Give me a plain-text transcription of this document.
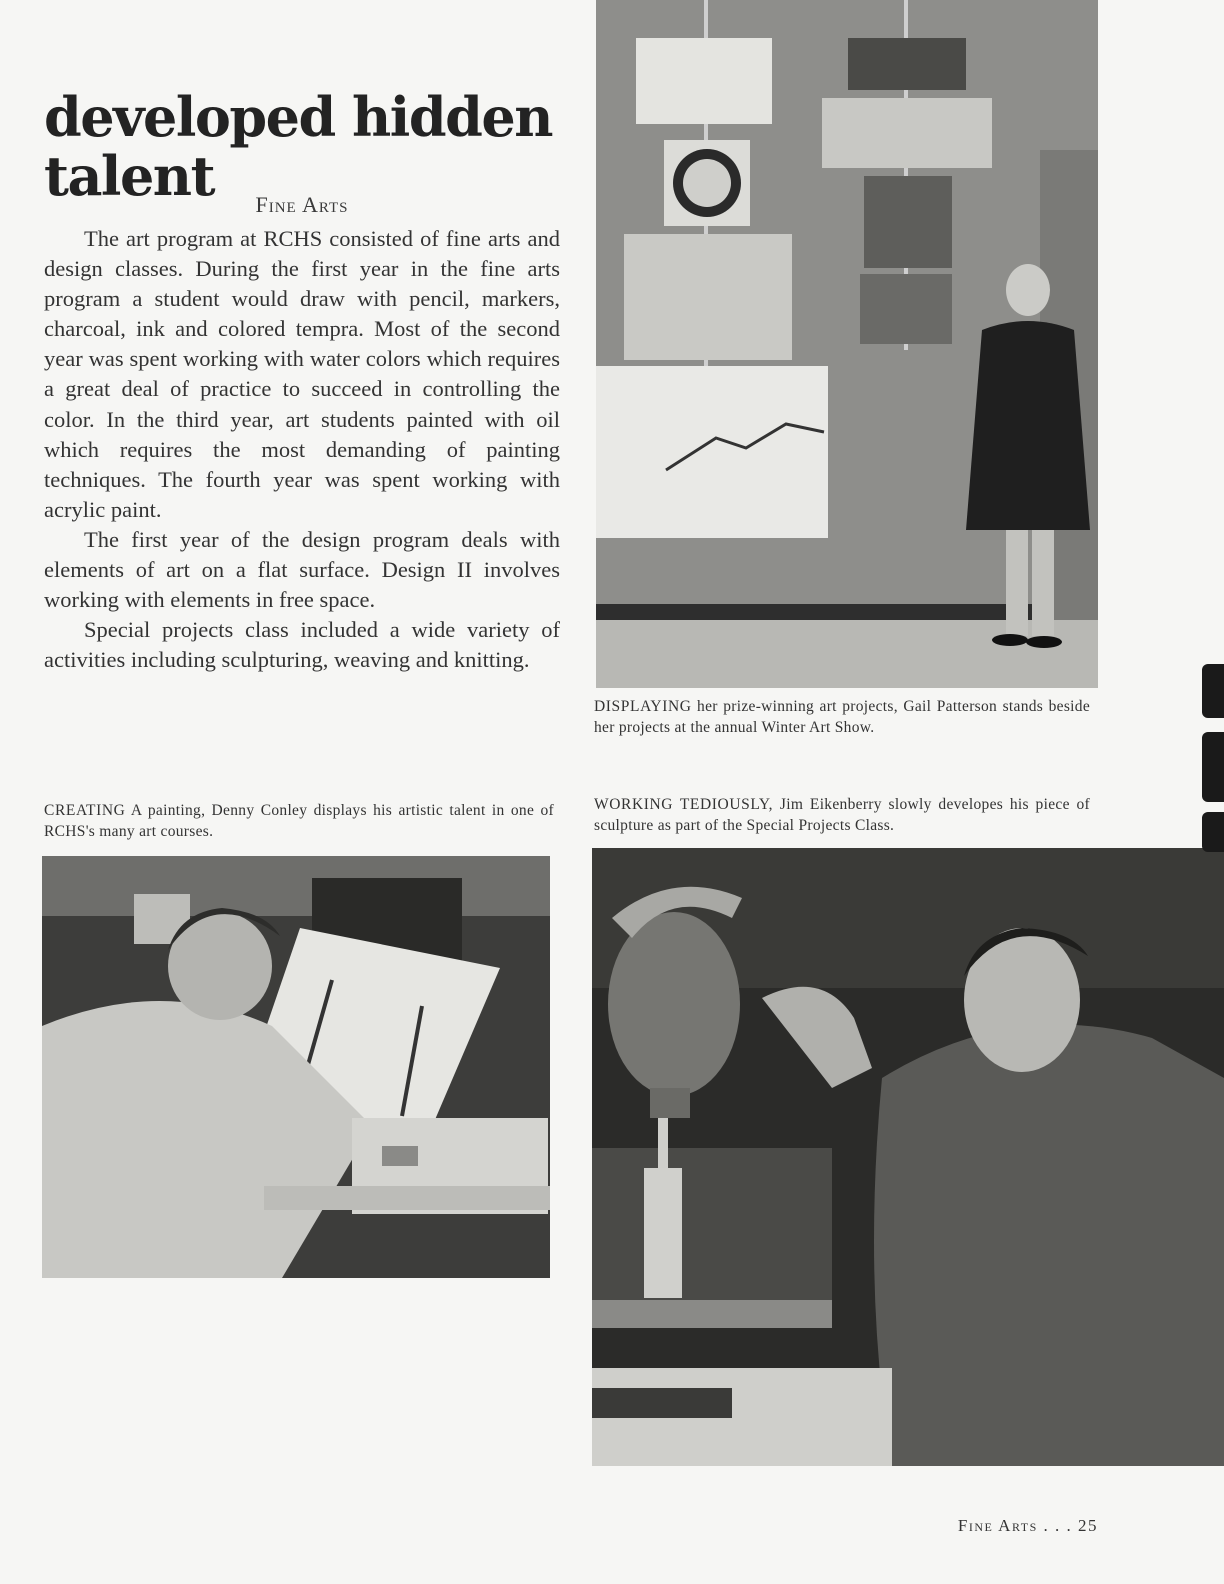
developed hidden talent	Fine Arts

The art program at RCHS consisted of fine arts and design classes. During the first year in the fine arts program a student would draw with pencil, markers, charcoal, ink and colored tempra. Most of the second year was spent working with water colors which requires a great deal of practice to succeed in controlling the color. In the third year, art students painted with oil which requires the most demanding of painting techniques. The fourth year was spent working with acrylic paint.

The first year of the design program deals with elements of art on a flat surface. Design II involves working with elements in free space.

Special projects class included a wide variety of activities including sculpturing, weaving and knitting.

DISPLAYING her prize-winning art projects, Gail Patterson stands beside her projects at the annual Winter Art Show.

CREATING A painting, Denny Conley displays his artistic talent in one of RCHS's many art courses.

WORKING TEDIOUSLY, Jim Eikenberry slowly developes his piece of sculpture as part of the Special Projects Class.

Fine Arts . . . 25
